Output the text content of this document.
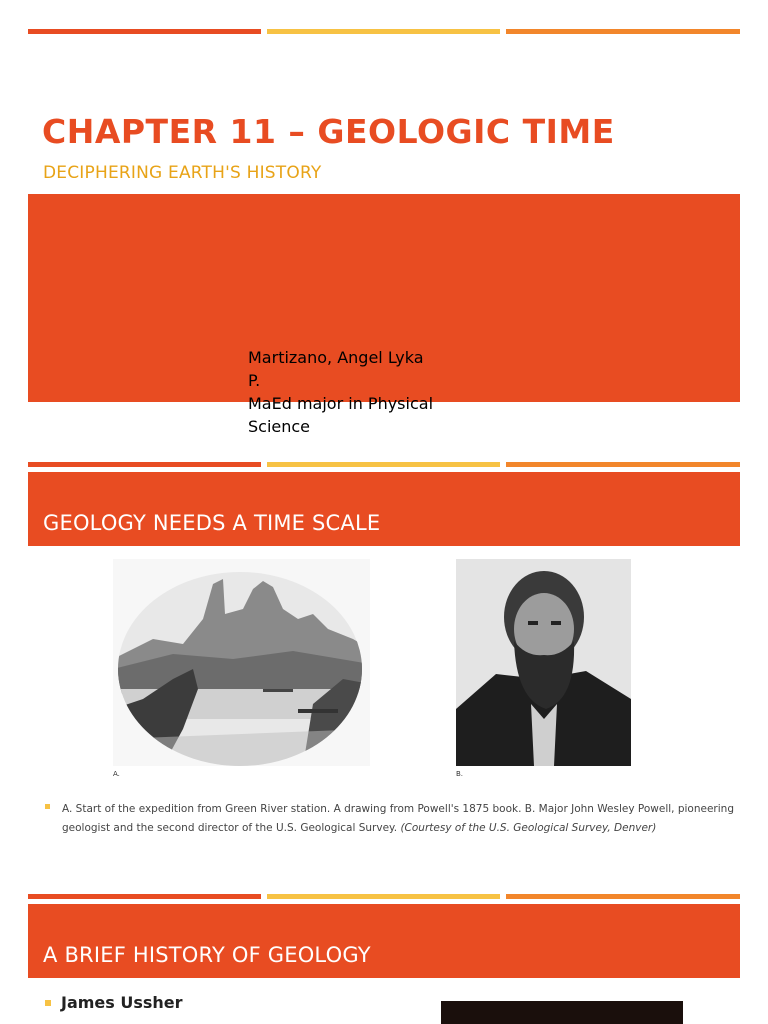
CHAPTER 11 – GEOLOGIC TIME
DECIPHERING EARTH'S HISTORY
Martizano, Angel Lyka
P.
MaEd major in Physical
Science
GEOLOGY NEEDS A TIME SCALE
A.	B.
A. Start of the expedition from Green River station. A drawing from Powell's 1875 book. B. Major John Wesley Powell, pioneering geologist and the second director of the U.S. Geological Survey. (Courtesy of the U.S. Geological Survey, Denver)
A BRIEF HISTORY OF GEOLOGY
James Ussher
